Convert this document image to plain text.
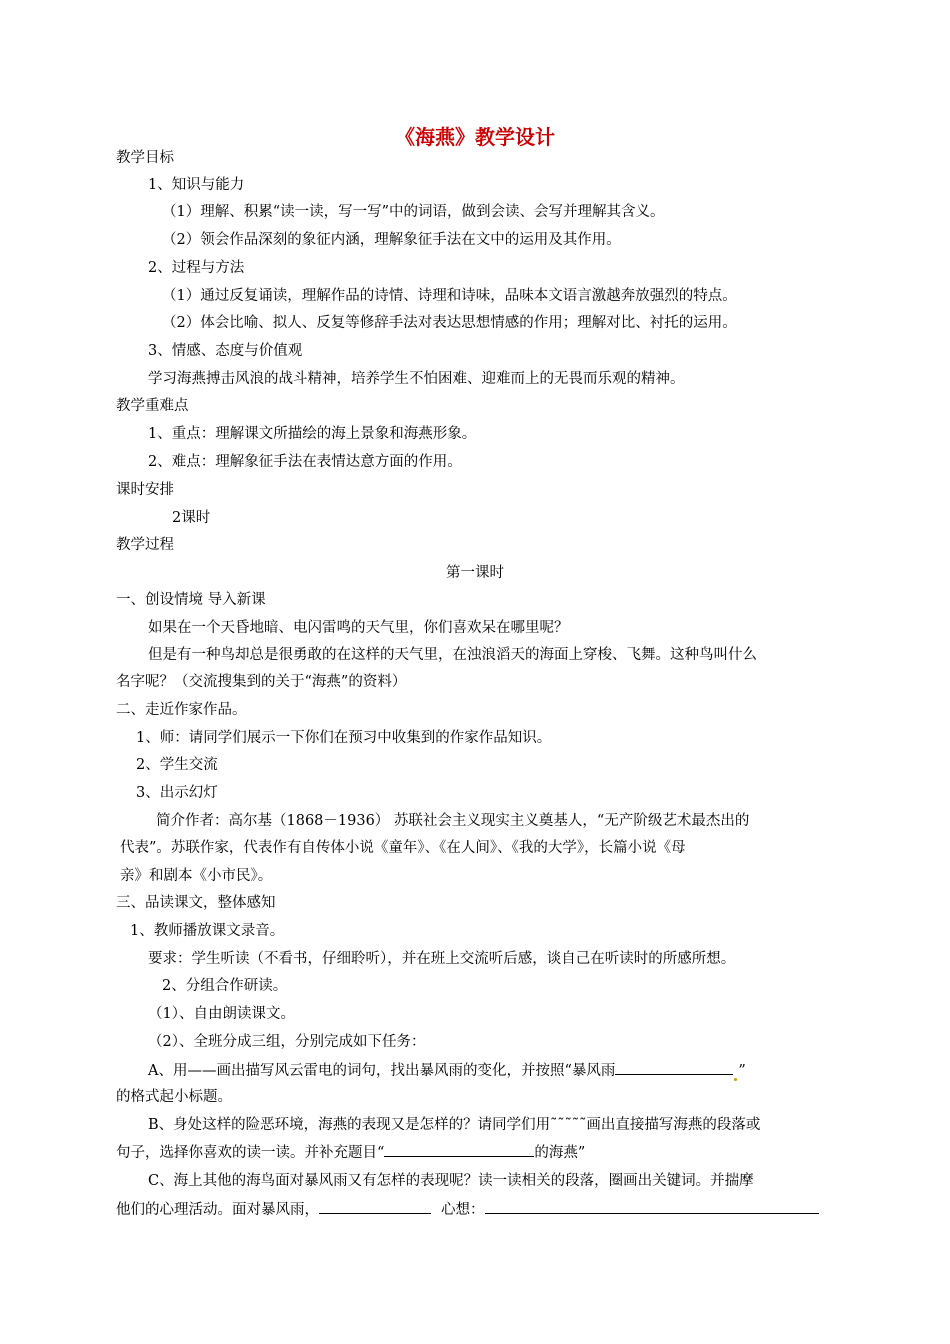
《海燕》教学设计
教学目标
1、知识与能力
（1）理解、积累“读一读，写一写”中的词语，做到会读、会写并理解其含义。
（2）领会作品深刻的象征内涵，理解象征手法在文中的运用及其作用。
2、过程与方法
（1）通过反复诵读，理解作品的诗情、诗理和诗味，品味本文语言激越奔放强烈的特点。
（2）体会比喻、拟人、反复等修辞手法对表达思想情感的作用；理解对比、衬托的运用。
3、情感、态度与价值观
学习海燕搏击风浪的战斗精神，培养学生不怕困难、迎难而上的无畏而乐观的精神。
教学重难点
1、重点：理解课文所描绘的海上景象和海燕形象。
2、难点：理解象征手法在表情达意方面的作用。
课时安排
2课时
教学过程
第一课时
一、创设情境 导入新课
如果在一个天昏地暗、电闪雷鸣的天气里，你们喜欢呆在哪里呢？
但是有一种鸟却总是很勇敢的在这样的天气里，在浊浪滔天的海面上穿梭、飞舞。这种鸟叫什么
名字呢？（交流搜集到的关于“海燕”的资料）
二、走近作家作品。
1、师：请同学们展示一下你们在预习中收集到的作家作品知识。
2、学生交流
3、出示幻灯
简介作者：高尔基（1868－1936） 苏联社会主义现实主义奠基人，“无产阶级艺术最杰出的
代表”。苏联作家，代表作有自传体小说《童年》、《在人间》、《我的大学》，长篇小说《母
亲》和剧本《小市民》。
三、品读课文，整体感知
1、教师播放课文录音。
要求：学生听读（不看书，仔细聆听），并在班上交流听后感，谈自己在听读时的所感所想。
2、分组合作研读。
（1）、自由朗读课文。
（2）、全班分成三组，分别完成如下任务：
A、用——画出描写风云雷电的词句，找出暴风雨的变化，并按照“暴风雨	”
的格式起小标题。
B、身处这样的险恶环境，海燕的表现又是怎样的？请同学们用˜˜˜˜˜画出直接描写海燕的段落或
句子，选择你喜欢的读一读。并补充题目“	的海燕”
C、海上其他的海鸟面对暴风雨又有怎样的表现呢？读一读相关的段落，圈画出关键词。并揣摩
他们的心理活动。面对暴风雨，	心想：
